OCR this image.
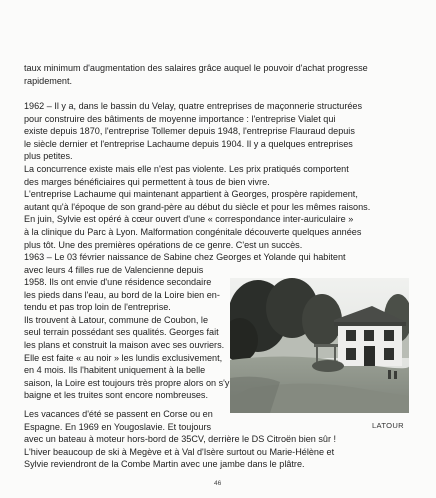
taux minimum d'augmentation des salaires grâce auquel le pouvoir d'achat progresse
rapidement.
1962 – Il y a, dans le bassin du Velay, quatre entreprises de maçonnerie structurées
pour construire des bâtiments de moyenne importance : l'entreprise Vialet qui
existe depuis 1870, l'entreprise Tollemer depuis 1948, l'entreprise Flauraud depuis
le siècle dernier et l'entreprise Lachaume depuis 1904. Il y a quelques entreprises
plus petites.
La concurrence existe mais elle n'est pas violente. Les prix pratiqués comportent
des marges bénéficiaires qui permettent à tous de bien vivre.
L'entreprise Lachaume qui maintenant appartient à Georges, prospère rapidement,
autant qu'à l'époque de son grand-père au début du siècle et pour les mêmes raisons.
En juin, Sylvie est opéré à cœur ouvert d'une « correspondance inter-auriculaire »
à la clinique du Parc à Lyon. Malformation congénitale découverte quelques années
plus tôt. Une des premières opérations de ce genre. C'est un succès.
1963 – Le 03 février naissance de Sabine chez Georges et Yolande qui habitent
avec leurs 4 filles rue de Valencienne depuis
1958. Ils ont envie d'une résidence secondaire
les pieds dans l'eau, au bord de la Loire bien en-
tendu et pas trop loin de l'entreprise.
Ils trouvent à Latour, commune de Coubon, le
seul terrain possédant ses qualités. Georges fait
les plans et construit la maison avec ses ouvriers.
Elle est faite « au noir » les lundis exclusivement,
en 4 mois. Ils l'habitent uniquement à la belle
saison, la Loire est toujours très propre alors on s'y
baigne et les truites sont encore nombreuses.
Les vacances d'été se passent en Corse ou en
Espagne. En 1969 en Yougoslavie. Et toujours
avec un bateau à moteur hors-bord de 35CV, derrière le DS Citroën bien sûr !
L'hiver beaucoup de ski à Megève et à Val d'Isère surtout ou Marie-Hélène et
Sylvie reviendront de la Combe Martin avec une jambe dans le plâtre.
LATOUR
46
